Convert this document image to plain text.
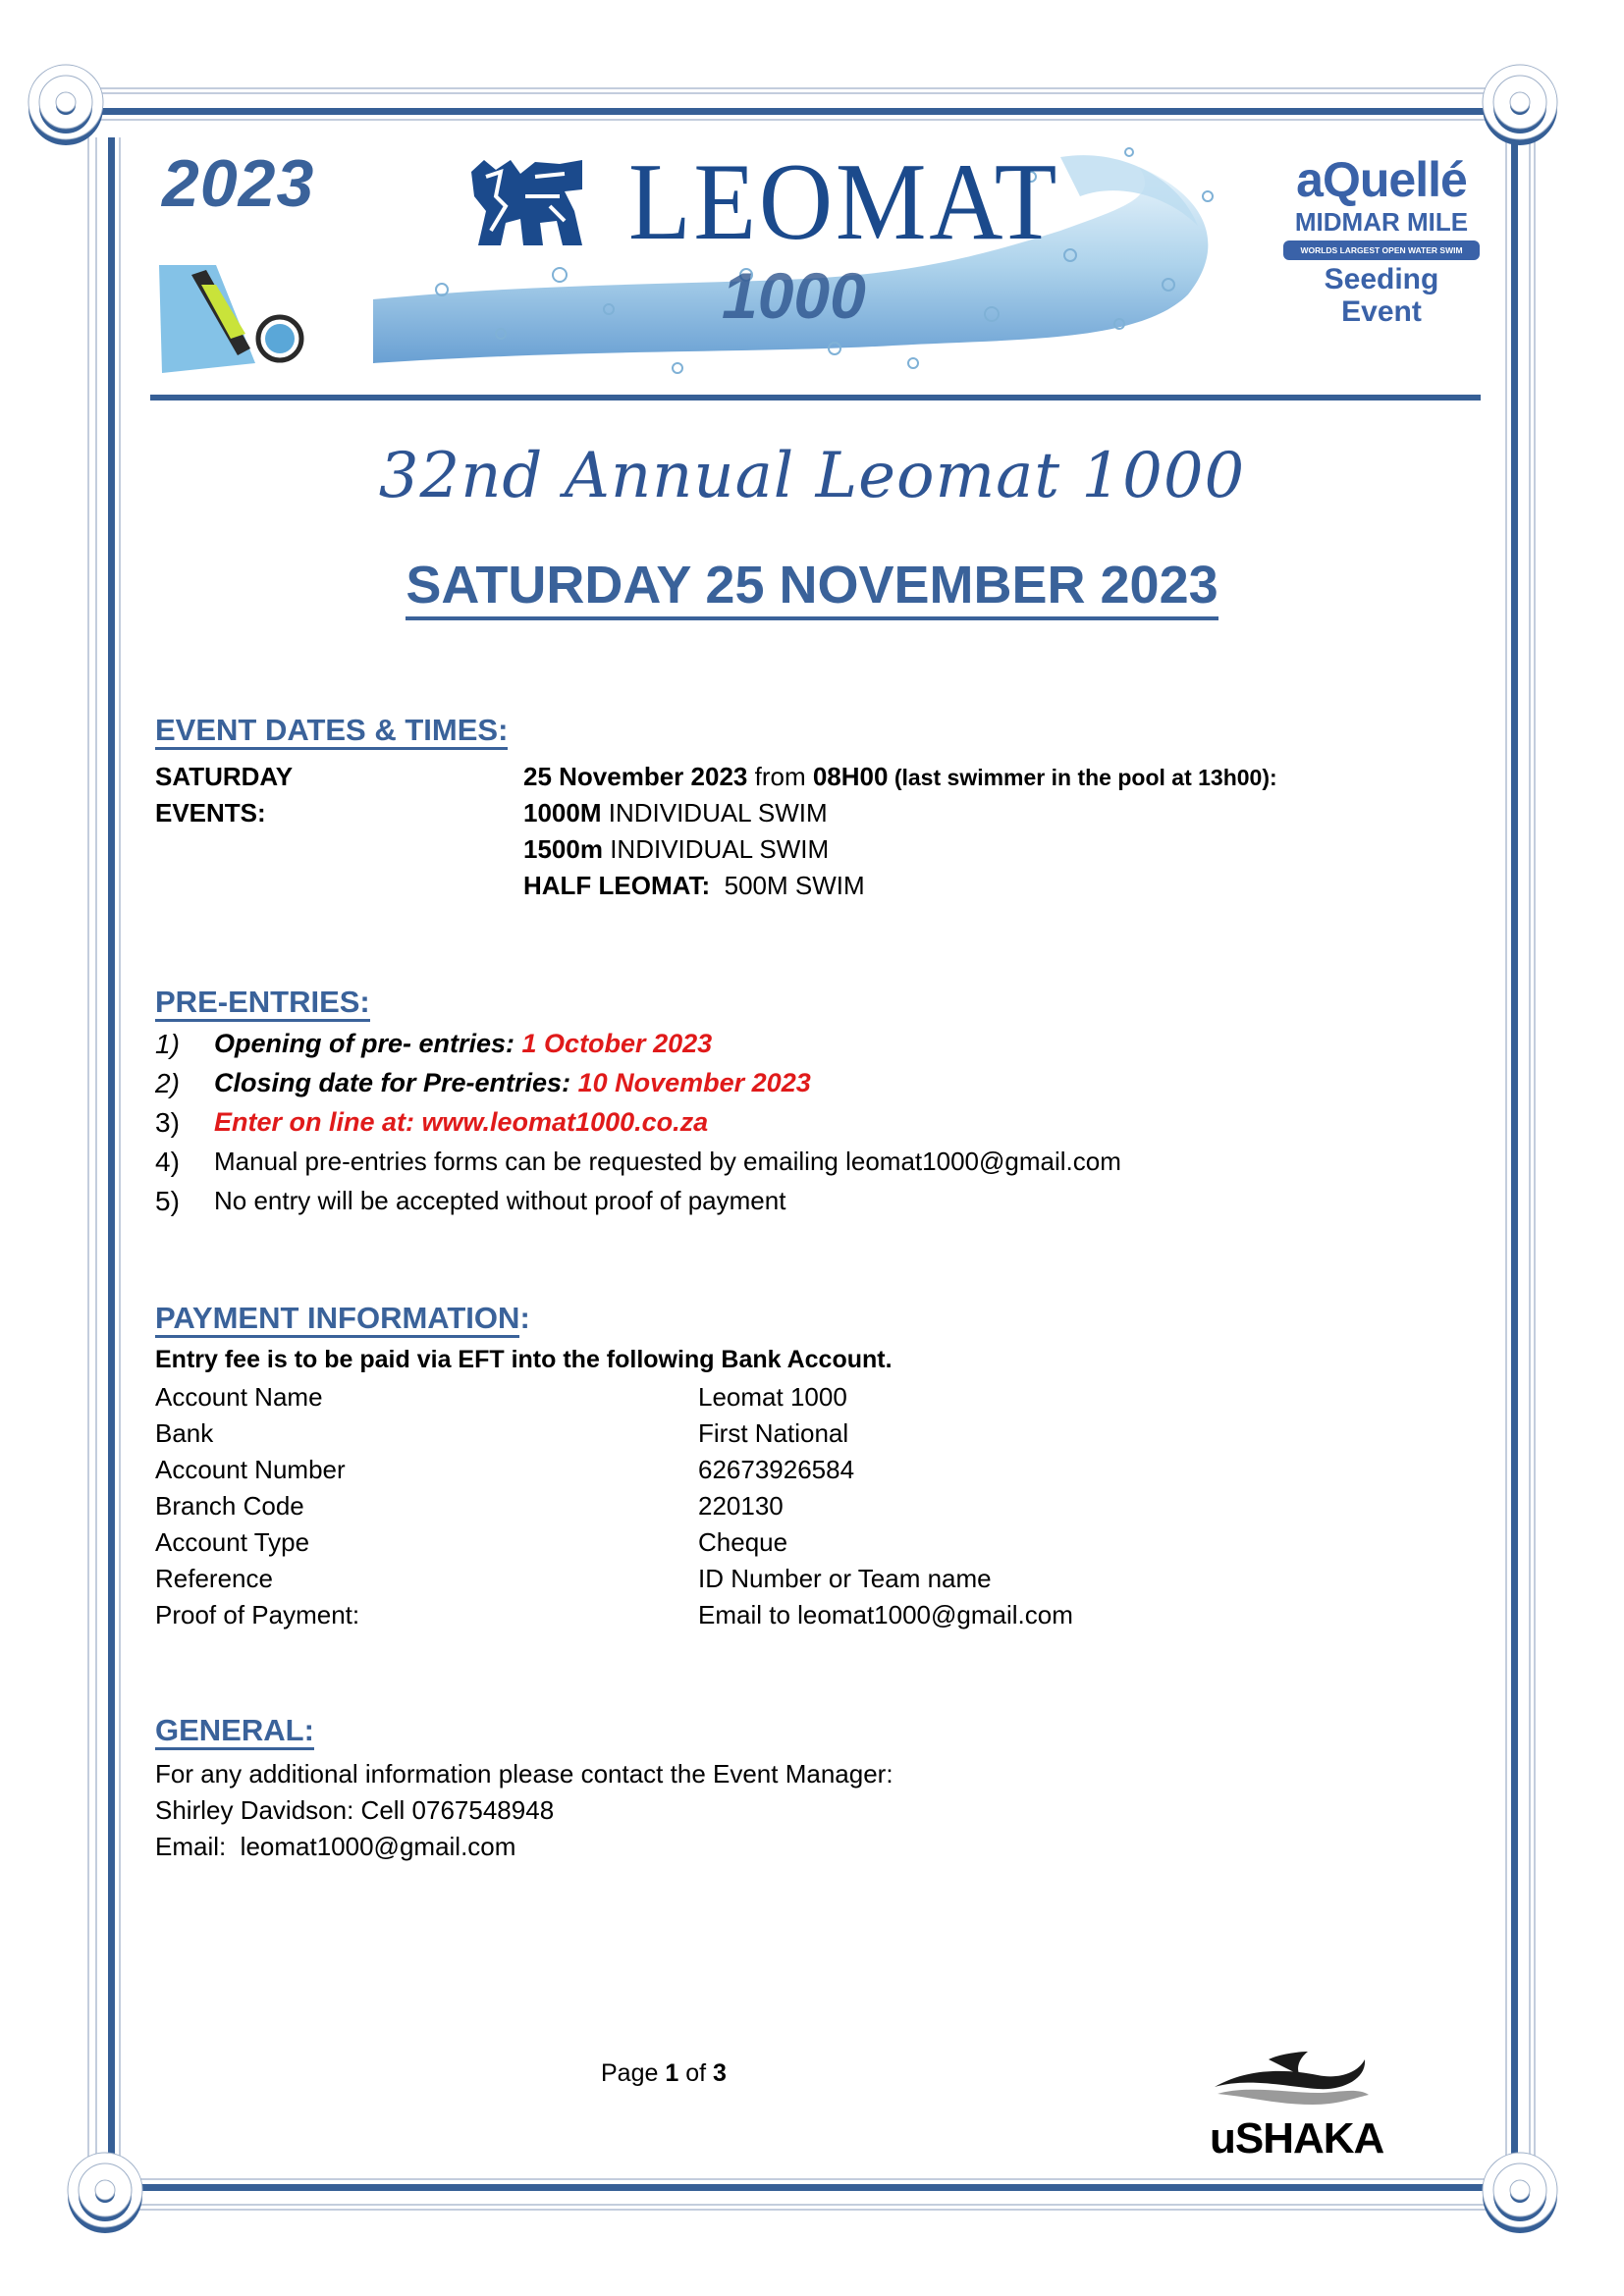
2023	LEOMAT
1000
aQuellé
MIDMAR MILE
WORLDS LARGEST OPEN WATER SWIM
Seeding Event
32nd Annual Leomat 1000
SATURDAY 25 NOVEMBER 2023
EVENT DATES & TIMES:
SATURDAY	25 November 2023 from 08H00 (last swimmer in the pool at 13h00):
EVENTS:	1000M INDIVIDUAL SWIM
1500m INDIVIDUAL SWIM
HALF LEOMAT:  500M SWIM
PRE-ENTRIES:
1) Opening of pre- entries: 1 October 2023
2) Closing date for Pre-entries: 10 November 2023
3) Enter on line at: www.leomat1000.co.za
4) Manual pre-entries forms can be requested by emailing leomat1000@gmail.com
5) No entry will be accepted without proof of payment
PAYMENT INFORMATION:
Entry fee is to be paid via EFT into the following Bank Account.
Account Name	Leomat 1000
Bank	First National
Account Number	62673926584
Branch Code	220130
Account Type	Cheque
Reference	ID Number or Team name
Proof of Payment:	Email to leomat1000@gmail.com
GENERAL:
For any additional information please contact the Event Manager:
Shirley Davidson: Cell 0767548948
Email:  leomat1000@gmail.com
Page 1 of 3
uSHAKA
